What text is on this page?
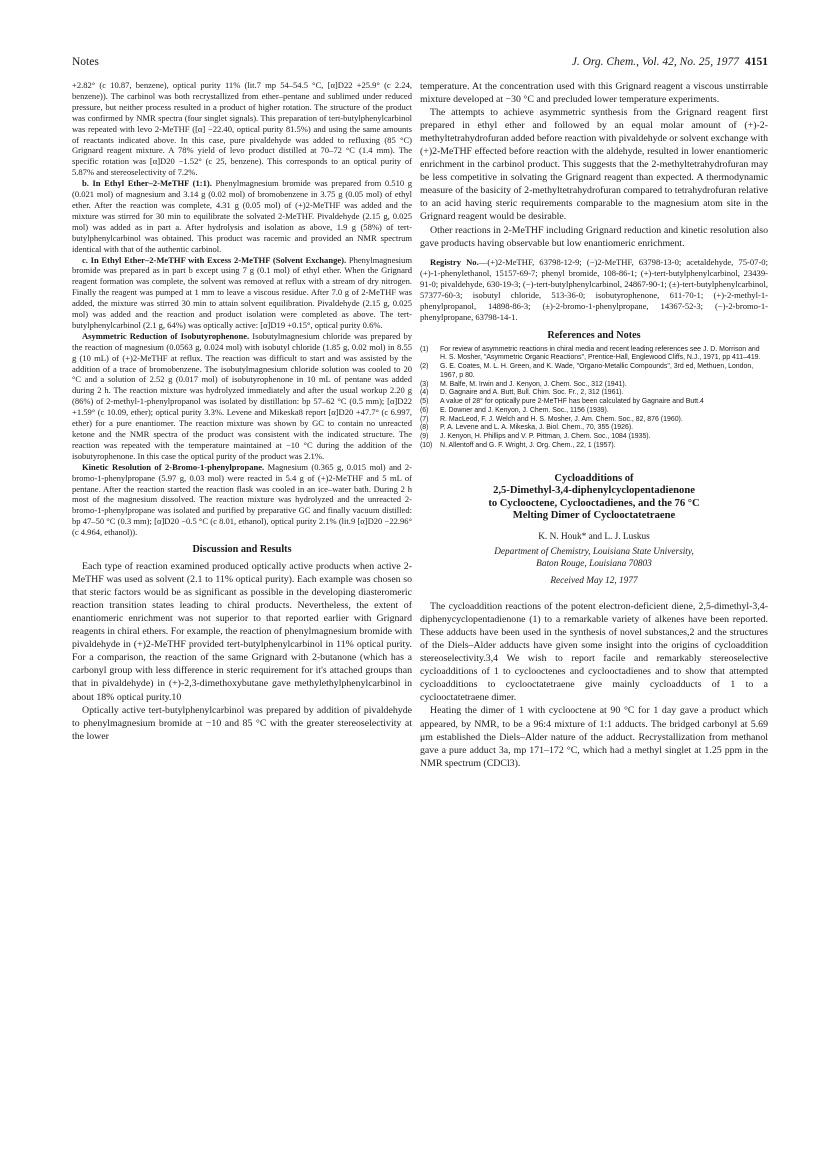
Notes	J. Org. Chem., Vol. 42, No. 25, 1977 4151

+2.82° (c 10.87, benzene), optical purity 11% (lit.7 mp 54–54.5 °C, [α]D22 +25.9° (c 2.24, benzene)). The carbinol was both recrystallized from ether–pentane and sublimed under reduced pressure, but neither process resulted in a product of higher rotation. The structure of the product was confirmed by NMR spectra (four singlet signals). This preparation of tert-butylphenylcarbinol was repeated with levo 2-MeTHF ([α] −22.40, optical purity 81.5%) and using the same amounts of reactants indicated above. In this case, pure pivaldehyde was added to refluxing (85 °C) Grignard reagent mixture. A 78% yield of levo product distilled at 70–72 °C (1.4 mm). The specific rotation was [α]D20 −1.52° (c 25, benzene). This corresponds to an optical purity of 5.87% and stereoselectivity of 7.2%.

b. In Ethyl Ether–2-MeTHF (1:1). Phenylmagnesium bromide was prepared from 0.510 g (0.021 mol) of magnesium and 3.14 g (0.02 mol) of bromobenzene in 3.75 g (0.05 mol) of ethyl ether. After the reaction was complete, 4.31 g (0.05 mol) of (+)2-MeTHF was added and the mixture was stirred for 30 min to equilibrate the solvated 2-MeTHF. Pivaldehyde (2.15 g, 0.025 mol) was added as in part a. After hydrolysis and isolation as above, 1.9 g (58%) of tert-butylphenylcarbinol was obtained. This product was racemic and provided an NMR spectrum identical with that of the authentic carbinol.

c. In Ethyl Ether–2-MeTHF with Excess 2-MeTHF (Solvent Exchange). Phenylmagnesium bromide was prepared as in part b except using 7 g (0.1 mol) of ethyl ether. When the Grignard reagent formation was complete, the solvent was removed at reflux with a stream of dry nitrogen. Finally the reagent was pumped at 1 mm to leave a viscous residue. After 7.0 g of 2-MeTHF was added, the mixture was stirred 30 min to attain solvent equilibration. Pivaldehyde (2.15 g, 0.025 mol) was added and the reaction and product isolation were completed as above. The tert-butylphenylcarbinol (2.1 g, 64%) was optically active: [α]D19 +0.15°, optical purity 0.6%.

Asymmetric Reduction of Isobutyrophenone. Isobutylmagnesium chloride was prepared by the reaction of magnesium (0.0563 g, 0.024 mol) with isobutyl chloride (1.85 g, 0.02 mol) in 8.55 g (10 mL) of (+)2-MeTHF at reflux. The reaction was difficult to start and was assisted by the addition of a trace of bromobenzene. The isobutylmagnesium chloride solution was cooled to 20 °C and a solution of 2.52 g (0.017 mol) of isobutyrophenone in 10 mL of pentane was added during 2 h. The reaction mixture was hydrolyzed immediately and after the usual workup 2.20 g (86%) of 2-methyl-1-phenylpropanol was isolated by distillation: bp 57–62 °C (0.5 mm); [α]D22 +1.59° (c 10.09, ether); optical purity 3.3%. Levene and Mikeska8 report [α]D20 +47.7° (c 6.997, ether) for a pure enantiomer. The reaction mixture was shown by GC to contain no unreacted ketone and the NMR spectra of the product was consistent with the indicated structure. The reaction was repeated with the temperature maintained at −10 °C during the addition of the isobutyrophenone. In this case the optical purity of the product was 2.1%.

Kinetic Resolution of 2-Bromo-1-phenylpropane. Magnesium (0.365 g, 0.015 mol) and 2-bromo-1-phenylpropane (5.97 g, 0.03 mol) were reacted in 5.4 g of (+)2-MeTHF and 5 mL of pentane. After the reaction started the reaction flask was cooled in an ice–water bath. During 2 h most of the magnesium dissolved. The reaction mixture was hydrolyzed and the unreacted 2-bromo-1-phenylpropane was isolated and purified by preparative GC and finally vacuum distilled: bp 47–50 °C (0.3 mm); [α]D20 −0.5 °C (c 8.01, ethanol), optical purity 2.1% (lit.9 [α]D20 −22.96° (c 4.964, ethanol)).

Discussion and Results

Each type of reaction examined produced optically active products when active 2-MeTHF was used as solvent (2.1 to 11% optical purity). Each example was chosen so that steric factors would be as significant as possible in the developing diasteromeric reaction transition states leading to chiral products. Nevertheless, the extent of enantiomeric enrichment was not superior to that reported earlier with Grignard reagents in chiral ethers. For example, the reaction of phenylmagnesium bromide with pivaldehyde in (+)2-MeTHF provided tert-butylphenylcarbinol in 11% optical purity. For a comparison, the reaction of the same Grignard with 2-butanone (which has a carbonyl group with less difference in steric requirement for it's attached groups than that in pivaldehyde) in (+)-2,3-dimethoxybutane gave methylethylphenylcarbinol in about 18% optical purity.10

Optically active tert-butylphenylcarbinol was prepared by addition of pivaldehyde to phenylmagnesium bromide at −10 and 85 °C with the greater stereoselectivity at the lower

temperature. At the concentration used with this Grignard reagent a viscous unstirrable mixture developed at −30 °C and precluded lower temperature experiments.

The attempts to achieve asymmetric synthesis from the Grignard reagent first prepared in ethyl ether and followed by an equal molar amount of (+)-2-methyltetrahydrofuran added before reaction with pivaldehyde or solvent exchange with (+)2-MeTHF effected before reaction with the aldehyde, resulted in lower enantiomeric enrichment in the carbinol product. This suggests that the 2-methyltetrahydrofuran may be less competitive in solvating the Grignard reagent than expected. A thermodynamic measure of the basicity of 2-methyltetrahydrofuran compared to tetrahydrofuran relative to an acid having steric requirements comparable to the magnesium atom site in the Grignard reagent would be desirable.

Other reactions in 2-MeTHF including Grignard reduction and kinetic resolution also gave products having observable but low enantiomeric enrichment.

Registry No.—(+)2-MeTHF, 63798-12-9; (−)2-MeTHF, 63798-13-0; acetaldehyde, 75-07-0; (+)-1-phenylethanol, 15157-69-7; phenyl bromide, 108-86-1; (+)-tert-butylphenylcarbinol, 23439-91-0; pivaldehyde, 630-19-3; (−)-tert-butylphenylcarbinol, 24867-90-1; (±)-tert-butylphenylcarbinol, 57377-60-3; isobutyl chloride, 513-36-0; isobutyrophenone, 611-70-1; (+)-2-methyl-1-phenylpropanol, 14898-86-3; (±)-2-bromo-1-phenylpropane, 14367-52-3; (−)-2-bromo-1-phenylpropane, 63798-14-1.

References and Notes
(1) For review of asymmetric reactions in chiral media and recent leading references see J. D. Morrison and H. S. Mosher, "Asymmetric Organic Reactions", Prentice-Hall, Englewood Cliffs, N.J., 1971, pp 411–419.
(2) G. E. Coates, M. L. H. Green, and K. Wade, "Organo-Metallic Compounds", 3rd ed, Methuen, London, 1967, p 80.
(3) M. Balfe, M. Irwin and J. Kenyon, J. Chem. Soc., 312 (1941).
(4) D. Gagnaire and A. Butt, Bull. Chim. Soc. Fr., 2, 312 (1961).
(5) A value of 28° for optically pure 2-MeTHF has been calculated by Gagnaire and Butt.4
(6) E. Downer and J. Kenyon, J. Chem. Soc., 1156 (1939).
(7) R. MacLeod, F. J. Welch and H. S. Mosher, J. Am. Chem. Soc., 82, 876 (1960).
(8) P. A. Levene and L. A. Mikeska, J. Biol. Chem., 70, 355 (1926).
(9) J. Kenyon, H. Phillips and V. P. Pittman, J. Chem. Soc., 1084 (1935).
(10) N. Allentoff and G. F. Wright, J. Org. Chem., 22, 1 (1957).
Cycloadditions of
2,5-Dimethyl-3,4-diphenylcyclopentadienone
to Cyclooctene, Cyclooctadienes, and the 76 °C
Melting Dimer of Cyclooctatetraene
K. N. Houk* and L. J. Luskus
Department of Chemistry, Louisiana State University,
Baton Rouge, Louisiana 70803
Received May 12, 1977

The cycloaddition reactions of the potent electron-deficient diene, 2,5-dimethyl-3,4-diphenycyclopentadienone (1) to a remarkable variety of alkenes have been reported. These adducts have been used in the synthesis of novel substances,2 and the structures of the Diels–Alder adducts have given some insight into the origins of cycloaddition stereoselectivity.3,4 We wish to report facile and remarkably stereoselective cycloadditions of 1 to cyclooctenes and cyclooctadienes and to show that attempted cycloadditions to cyclooctatetraene give mainly cycloadducts of 1 to a cyclooctatetraene dimer.

Heating the dimer of 1 with cyclooctene at 90 °C for 1 day gave a product which appeared, by NMR, to be a 96:4 mixture of 1:1 adducts. The bridged carbonyl at 5.69 μm established the Diels–Alder nature of the adduct. Recrystallization from methanol gave a pure adduct 3a, mp 171–172 °C, which had a methyl singlet at 1.25 ppm in the NMR spectrum (CDCl3).
